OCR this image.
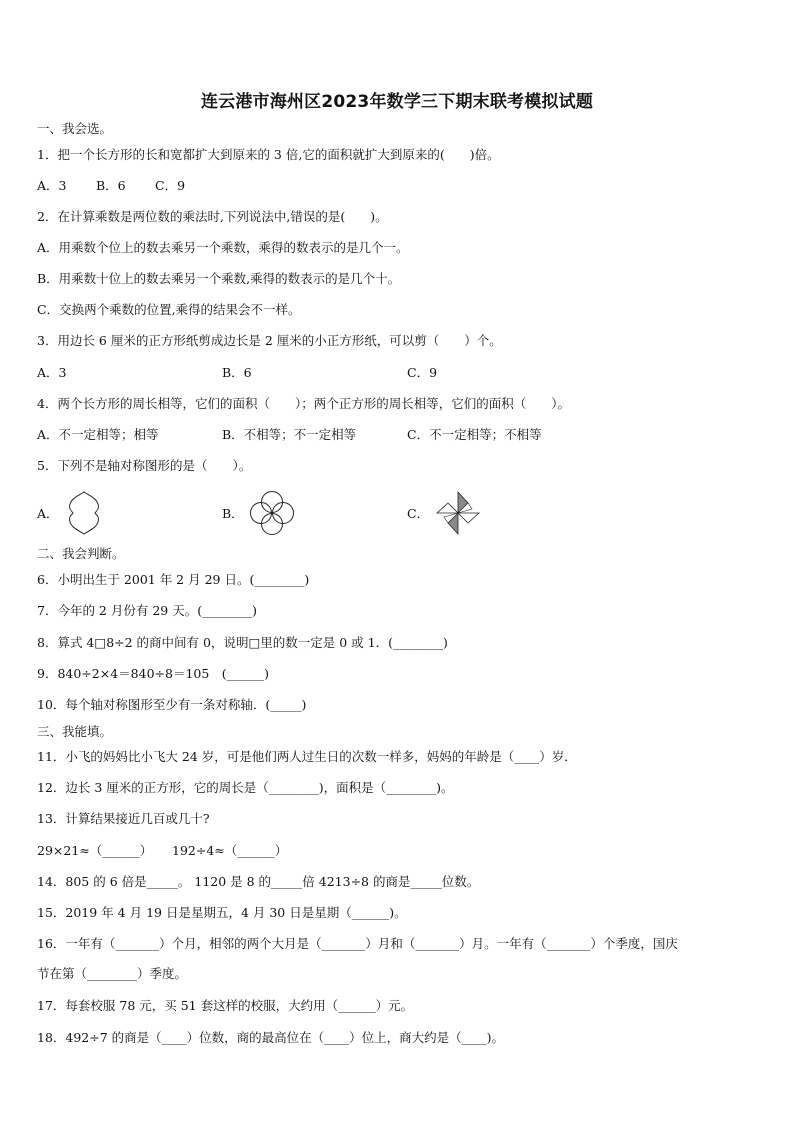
连云港市海州区2023年数学三下期末联考模拟试题
一、我会选。
1．把一个长方形的长和宽都扩大到原来的 3 倍,它的面积就扩大到原来的(　　)倍。
A．3 B．6 C．9
2．在计算乘数是两位数的乘法时,下列说法中,错误的是(　　)。
A．用乘数个位上的数去乘另一个乘数，乘得的数表示的是几个一。
B．用乘数十位上的数去乘另一个乘数,乘得的数表示的是几个十。
C．交换两个乘数的位置,乘得的结果会不一样。
3．用边长 6 厘米的正方形纸剪成边长是 2 厘米的小正方形纸，可以剪（　　）个。
A．3	B．6	C．9
4．两个长方形的周长相等，它们的面积（　　）；两个正方形的周长相等，它们的面积（　　）。
A．不一定相等；相等	B．不相等；不一定相等	C．不一定相等；不相等
5．下列不是轴对称图形的是（　　）。
A．	B．	C．
二、我会判断。
6．小明出生于 2001 年 2 月 29 日。(________)
7．今年的 2 月份有 29 天。(________)
8．算式 4□8÷2 的商中间有 0，说明□里的数一定是 0 或 1．(________)
9．840÷2×4＝840÷8＝105　(______)
10．每个轴对称图形至少有一条对称轴．(_____)
三、我能填。
11．小飞的妈妈比小飞大 24 岁，可是他们两人过生日的次数一样多，妈妈的年龄是（____）岁．
12．边长 3 厘米的正方形，它的周长是（________)，面积是（________)。
13．计算结果接近几百或几十?
29×21≈（______） 192÷4≈（______）
14．805 的 6 倍是_____。 1120 是 8 的_____倍 4213÷8 的商是_____位数。
15．2019 年 4 月 19 日是星期五，4 月 30 日是星期（______)。
16．一年有（_______）个月，相邻的两个大月是（_______）月和（_______）月。一年有（_______）个季度，国庆
节在第（________）季度。
17．每套校服 78 元，买 51 套这样的校服，大约用（______）元。
18．492÷7 的商是（____）位数，商的最高位在（____）位上，商大约是（____)。
